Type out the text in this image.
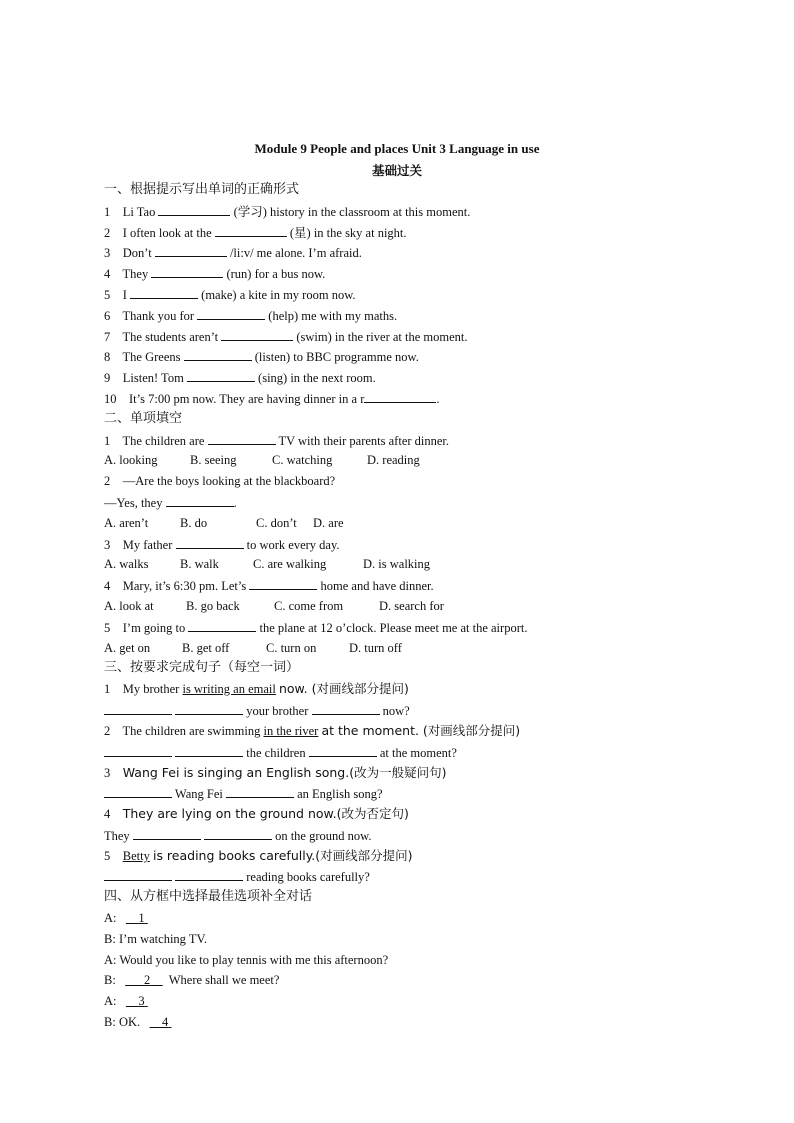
Module 9 People and places Unit 3 Language in use
基础过关
一、根据提示写出单词的正确形式
1 Li Tao	(学习) history in the classroom at this moment.
2 I often look at the	(星) in the sky at night.
3 Don’t	/li:v/ me alone. I’m afraid.
4 They	(run) for a bus now.
5 I	(make) a kite in my room now.
6 Thank you for	(help) me with my maths.
7 The students aren’t	(swim) in the river at the moment.
8 The Greens	(listen) to BBC programme now.
9 Listen! Tom	(sing) in the next room.
10 It’s 7:00 pm now. They are having dinner in a r	.
二、单项填空
1 The children are	TV with their parents after dinner.
A. looking	B. seeing	C. watching	D. reading
2 —Are the boys looking at the blackboard?
—Yes, they	.
A. aren’t	B. do	C. don’t D. are
3 My father	to work every day.
A. walks	B. walk	C. are walking	D. is walking
4 Mary, it’s 6:30 pm. Let’s	home and have dinner.
A. look at	B. go back	C. come from	D. search for
5 I’m going to	the plane at 12 o’clock. Please meet me at the airport.
A. get on	B. get off	C. turn on	D. turn off
三、按要求完成句子（每空一词）
1 My brother is writing an email now. (对画线部分提问)
your brother	now?
2 The children are swimming in the river at the moment. (对画线部分提问)
the children	at the moment?
3 Wang Fei is singing an English song.(改为一般疑问句)
Wang Fei	an English song?
4 They are lying on the ground now.(改为否定句)
They	on the ground now.
5 Betty is reading books carefully.(对画线部分提问)
reading books carefully?
四、从方框中选择最佳选项补全对话
A: 1
B: I’m watching TV.
A: Would you like to play tennis with me this afternoon?
B: 2 Where shall we meet?
A: 3
B: OK. 4
